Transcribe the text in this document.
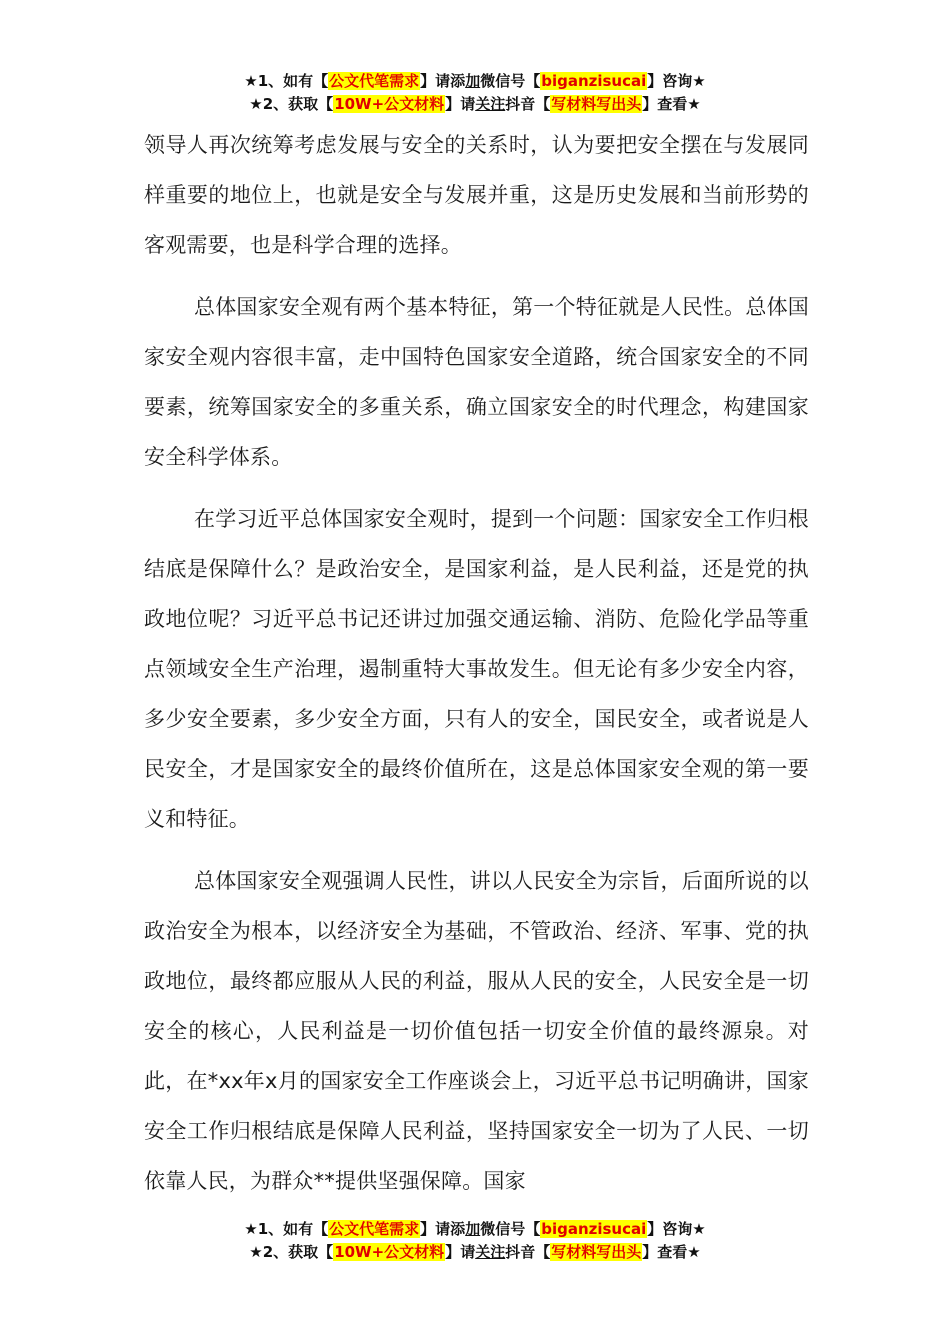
★1、如有【公文代笔需求】请添加微信号【biganzisucai】咨询★
★2、获取【10W+公文材料】请关注抖音【写材料写出头】查看★

领导人再次统筹考虑发展与安全的关系时，认为要把安全摆在与发展同样重要的地位上，也就是安全与发展并重，这是历史发展和当前形势的客观需要，也是科学合理的选择。

总体国家安全观有两个基本特征，第一个特征就是人民性。总体国家安全观内容很丰富，走中国特色国家安全道路，统合国家安全的不同要素，统筹国家安全的多重关系，确立国家安全的时代理念，构建国家安全科学体系。

在学习近平总体国家安全观时，提到一个问题：国家安全工作归根结底是保障什么？是政治安全，是国家利益，是人民利益，还是党的执政地位呢？习近平总书记还讲过加强交通运输、消防、危险化学品等重点领域安全生产治理，遏制重特大事故发生。但无论有多少安全内容，多少安全要素，多少安全方面，只有人的安全，国民安全，或者说是人民安全，才是国家安全的最终价值所在，这是总体国家安全观的第一要义和特征。

总体国家安全观强调人民性，讲以人民安全为宗旨，后面所说的以政治安全为根本，以经济安全为基础，不管政治、经济、军事、党的执政地位，最终都应服从人民的利益，服从人民的安全，人民安全是一切安全的核心，人民利益是一切价值包括一切安全价值的最终源泉。对此，在*xx年x月的国家安全工作座谈会上，习近平总书记明确讲，国家安全工作归根结底是保障人民利益，坚持国家安全一切为了人民、一切依靠人民，为群众**提供坚强保障。国家

★1、如有【公文代笔需求】请添加微信号【biganzisucai】咨询★
★2、获取【10W+公文材料】请关注抖音【写材料写出头】查看★
